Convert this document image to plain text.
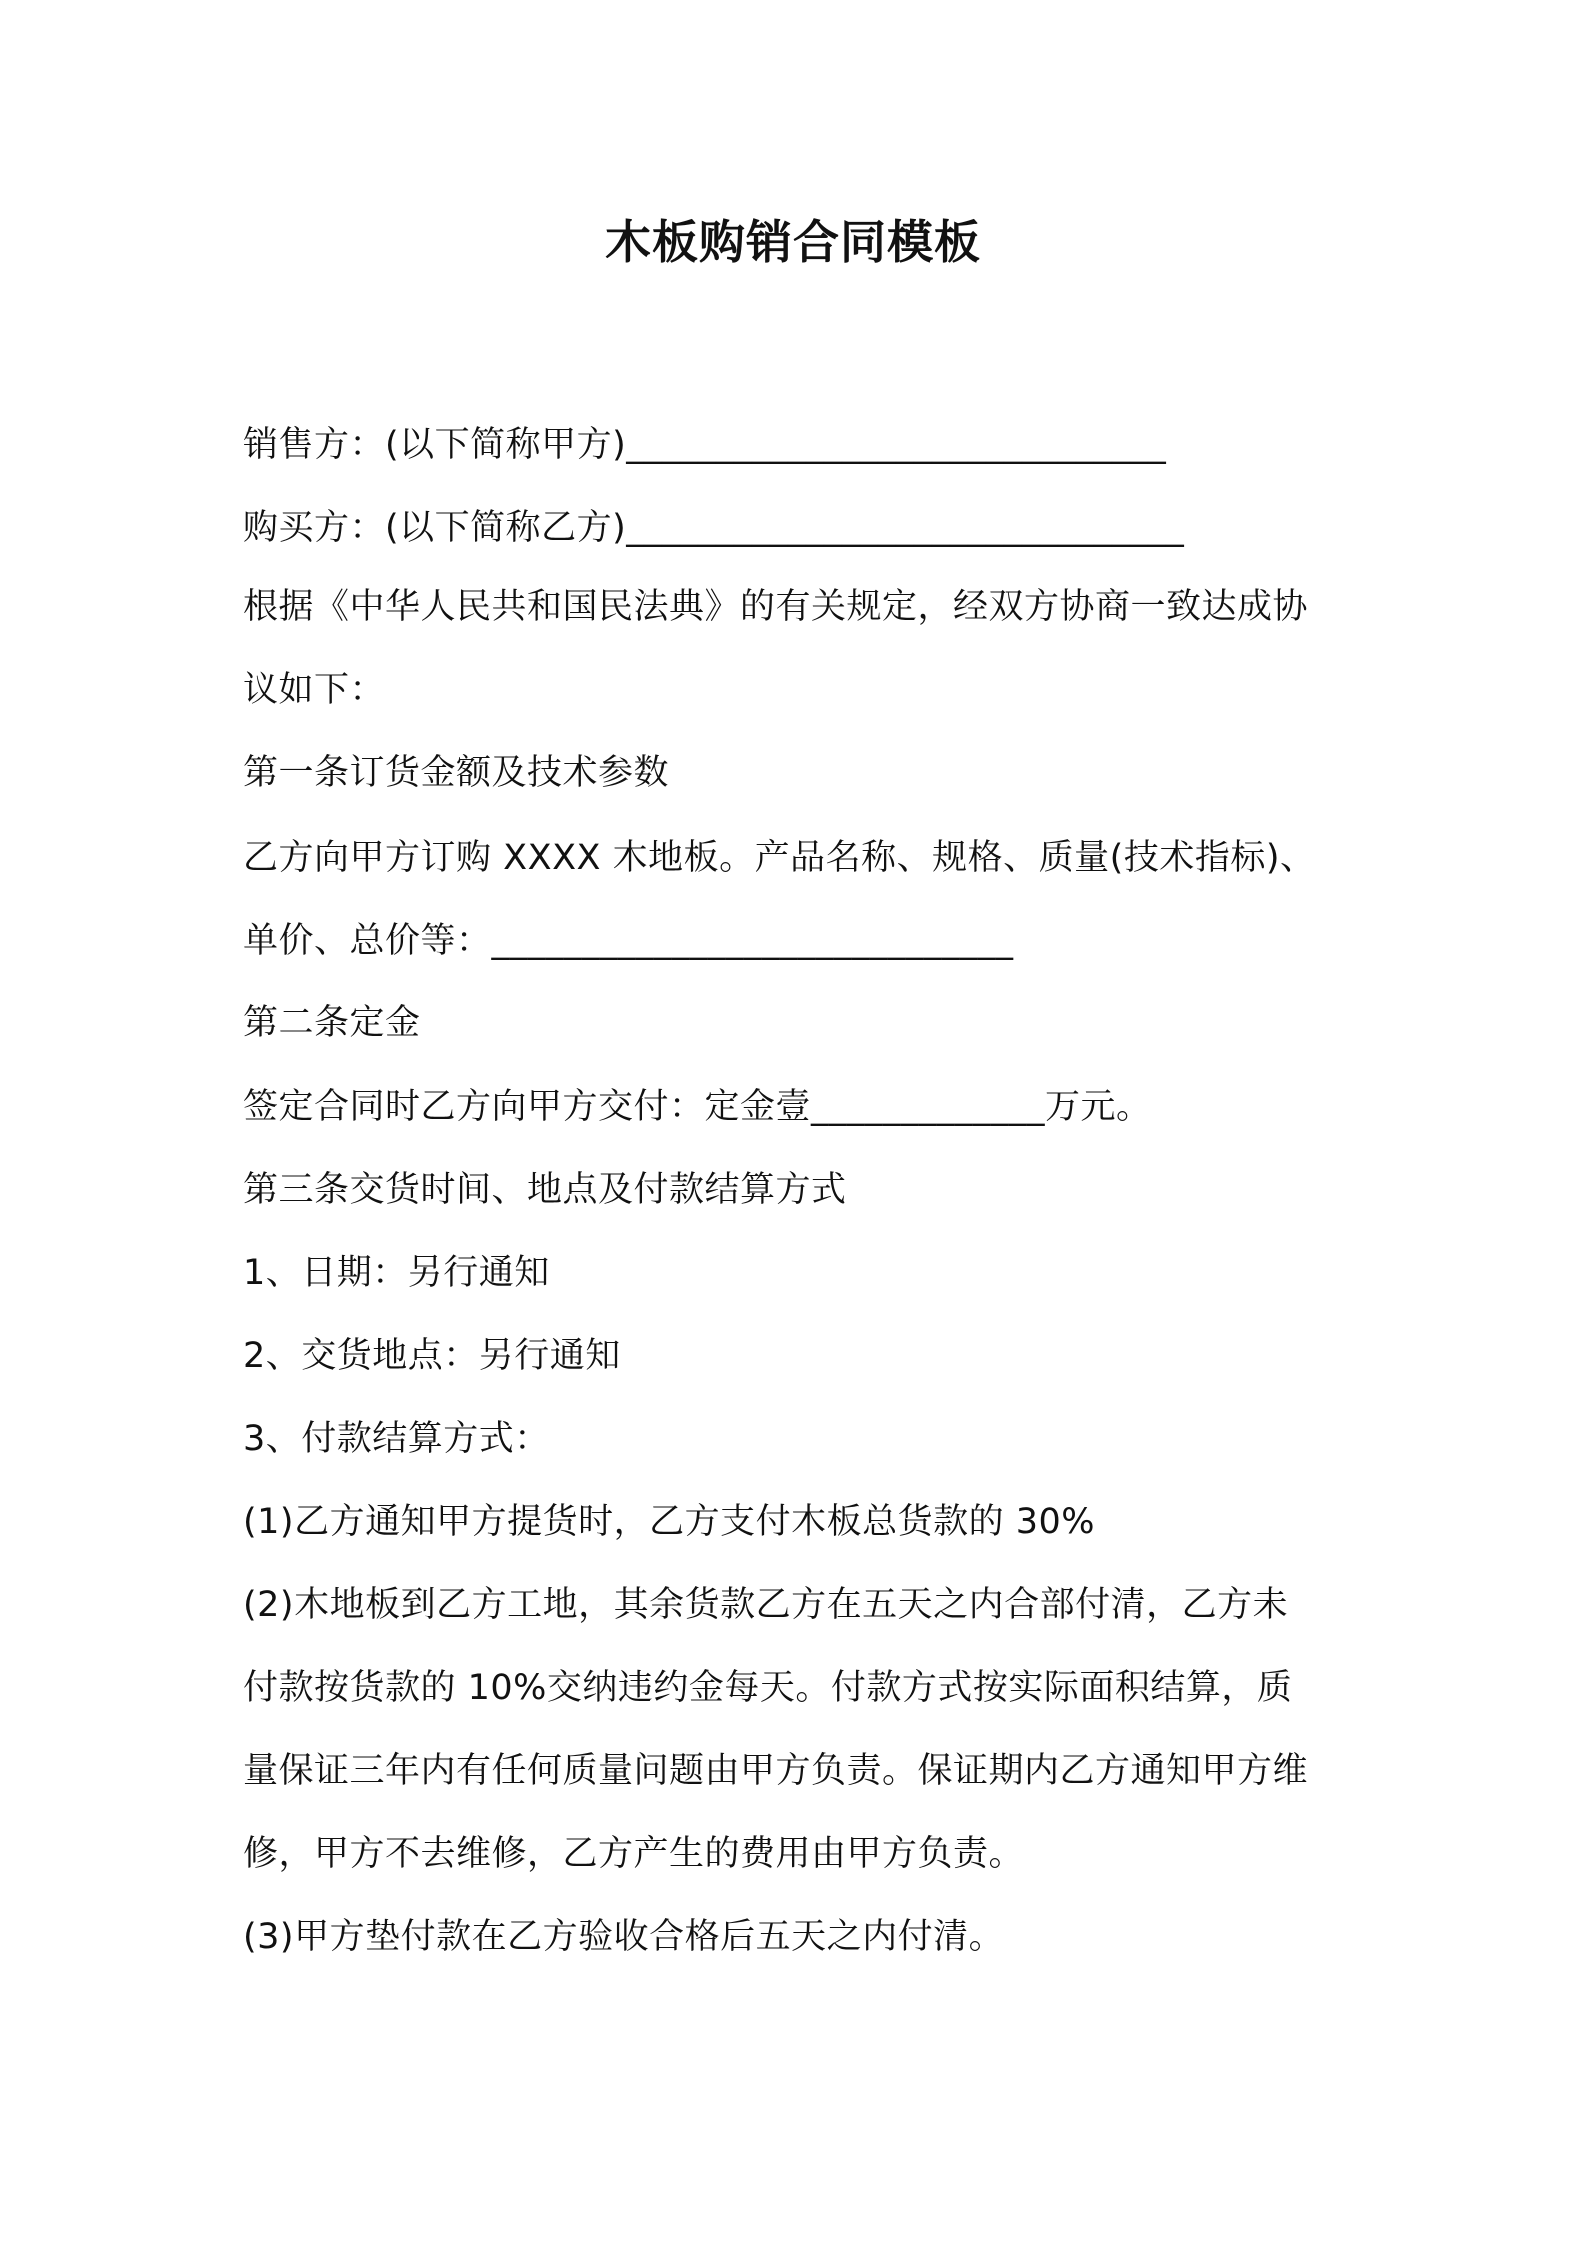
木板购销合同模板
销售方：(以下简称甲方)______________________________
购买方：(以下简称乙方)_______________________________
根据《中华人民共和国民法典》的有关规定，经双方协商一致达成协
议如下：
第一条订货金额及技术参数
乙方向甲方订购 XXXX 木地板。产品名称、规格、质量(技术指标)、
单价、总价等：_____________________________
第二条定金
签定合同时乙方向甲方交付：定金壹_____________万元。
第三条交货时间、地点及付款结算方式
1、日期：另行通知
2、交货地点：另行通知
3、付款结算方式：
(1)乙方通知甲方提货时，乙方支付木板总货款的 30%
(2)木地板到乙方工地，其余货款乙方在五天之内合部付清，乙方未
付款按货款的 10%交纳违约金每天。付款方式按实际面积结算，质
量保证三年内有任何质量问题由甲方负责。保证期内乙方通知甲方维
修，甲方不去维修，乙方产生的费用由甲方负责。
(3)甲方垫付款在乙方验收合格后五天之内付清。
